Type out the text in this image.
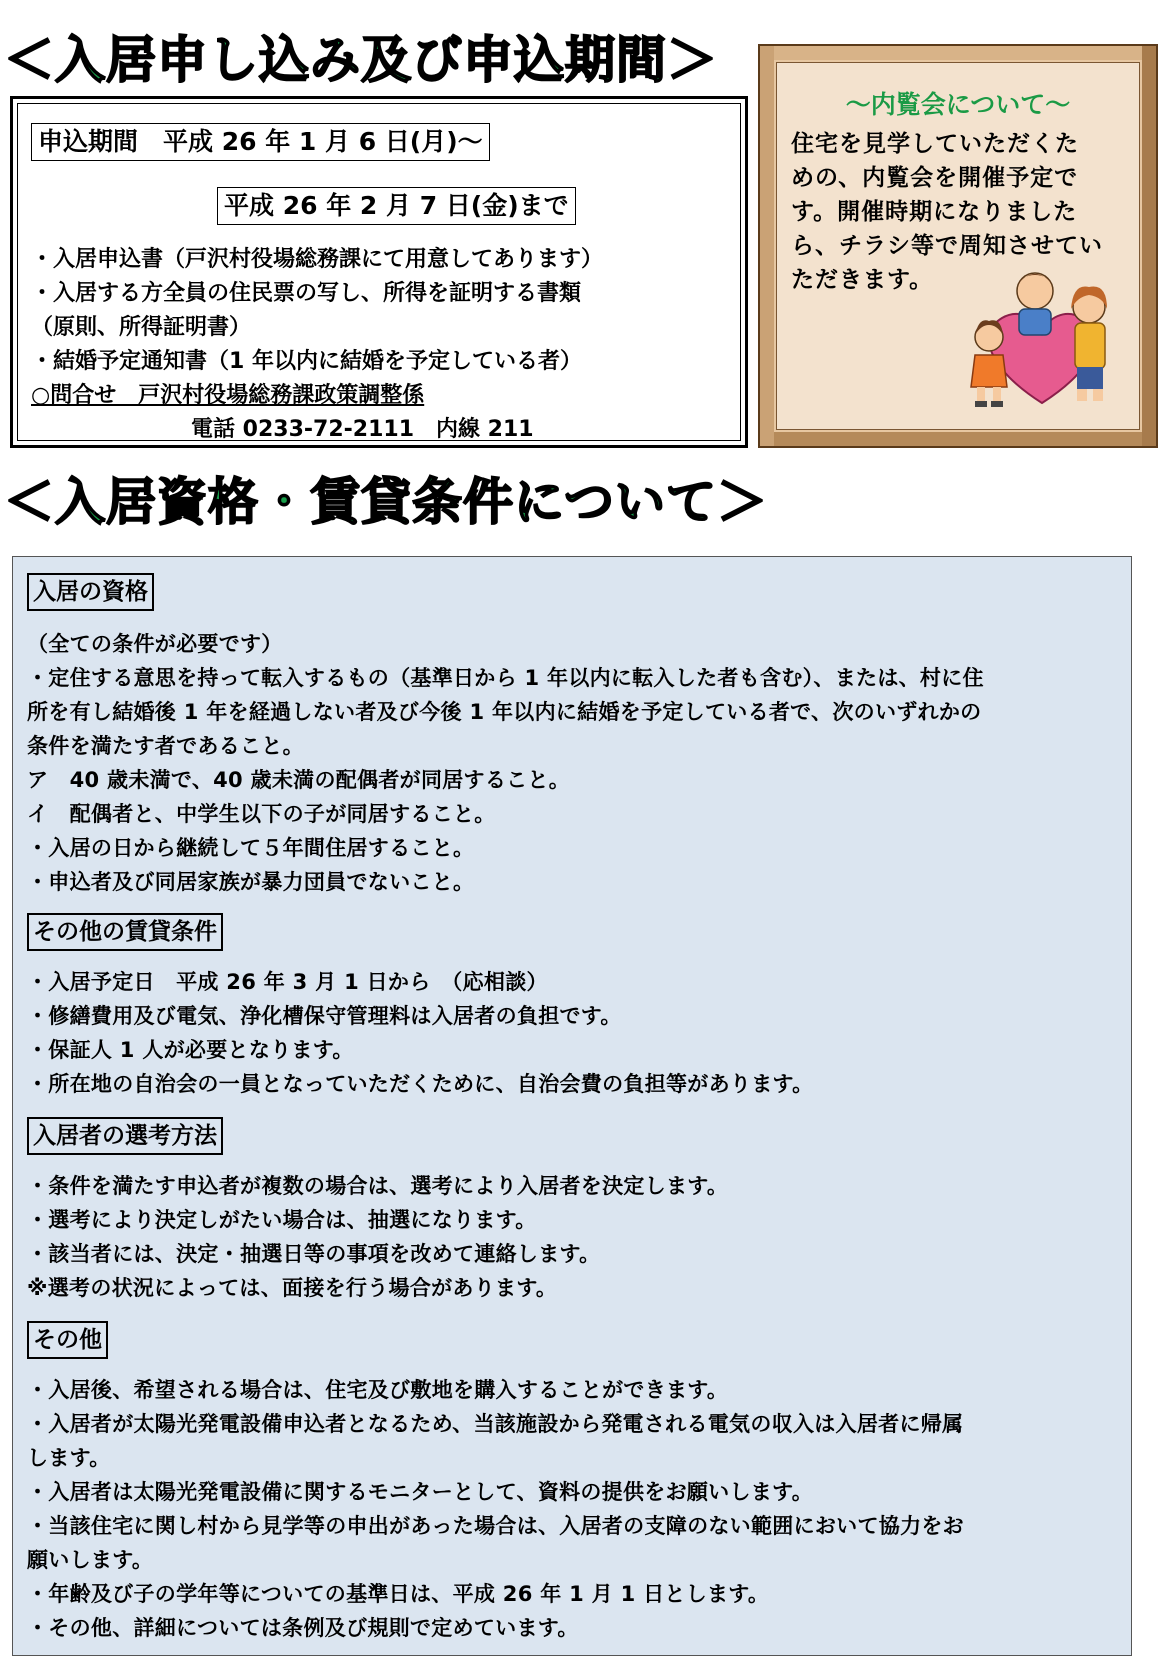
＜入居申し込み及び申込期間＞
申込期間　平成 26 年 1 月 6 日(月)～
平成 26 年 2 月 7 日(金)まで
・入居申込書（戸沢村役場総務課にて用意してあります）
・入居する方全員の住民票の写し、所得を証明する書類
（原則、所得証明書）
・結婚予定通知書（1 年以内に結婚を予定している者）
○問合せ　戸沢村役場総務課政策調整係
電話 0233-72-2111　内線 211
～内覧会について～
住宅を見学していただくた
めの、内覧会を開催予定で
す。開催時期になりました
ら、チラシ等で周知させてい
ただきます。
＜入居資格・賃貸条件について＞
入居の資格
（全ての条件が必要です）
・定住する意思を持って転入するもの（基準日から 1 年以内に転入した者も含む）、または、村に住
所を有し結婚後 1 年を経過しない者及び今後 1 年以内に結婚を予定している者で、次のいずれかの
条件を満たす者であること。
ア　40 歳未満で、40 歳未満の配偶者が同居すること。
イ　配偶者と、中学生以下の子が同居すること。
・入居の日から継続して５年間住居すること。
・申込者及び同居家族が暴力団員でないこと。
その他の賃貸条件
・入居予定日　平成 26 年 3 月 1 日から　（応相談）
・修繕費用及び電気、浄化槽保守管理料は入居者の負担です。
・保証人 1 人が必要となります。
・所在地の自治会の一員となっていただくために、自治会費の負担等があります。
入居者の選考方法
・条件を満たす申込者が複数の場合は、選考により入居者を決定します。
・選考により決定しがたい場合は、抽選になります。
・該当者には、決定・抽選日等の事項を改めて連絡します。
※選考の状況によっては、面接を行う場合があります。
その他
・入居後、希望される場合は、住宅及び敷地を購入することができます。
・入居者が太陽光発電設備申込者となるため、当該施設から発電される電気の収入は入居者に帰属
します。
・入居者は太陽光発電設備に関するモニターとして、資料の提供をお願いします。
・当該住宅に関し村から見学等の申出があった場合は、入居者の支障のない範囲において協力をお
願いします。
・年齢及び子の学年等についての基準日は、平成 26 年 1 月 1 日とします。
・その他、詳細については条例及び規則で定めています。
